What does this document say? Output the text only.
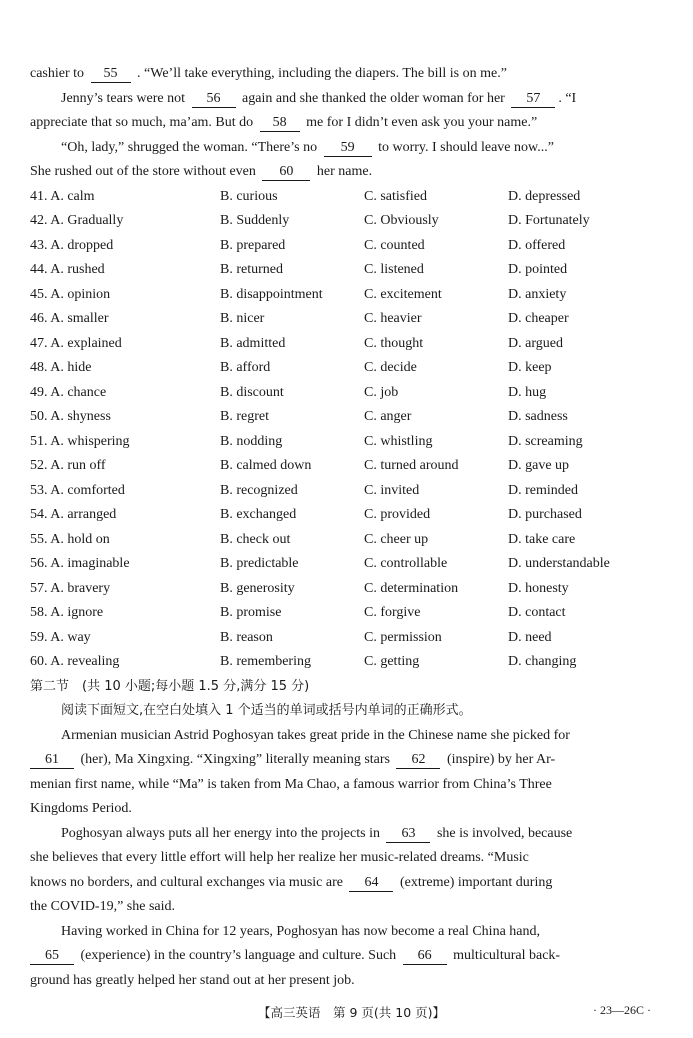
cashier to 55 . “We’ll take everything, including the diapers. The bill is on me.”
Jenny’s tears were not 56 again and she thanked the older woman for her 57 . “I
appreciate that so much, ma’am. But do 58 me for I didn’t even ask you your name.”
“Oh, lady,” shrugged the woman. “There’s no 59 to worry. I should leave now...”
She rushed out of the store without even 60 her name.
41. A. calm	B. curious	C. satisfied	D. depressed
42. A. Gradually	B. Suddenly	C. Obviously	D. Fortunately
43. A. dropped	B. prepared	C. counted	D. offered
44. A. rushed	B. returned	C. listened	D. pointed
45. A. opinion	B. disappointment	C. excitement	D. anxiety
46. A. smaller	B. nicer	C. heavier	D. cheaper
47. A. explained	B. admitted	C. thought	D. argued
48. A. hide	B. afford	C. decide	D. keep
49. A. chance	B. discount	C. job	D. hug
50. A. shyness	B. regret	C. anger	D. sadness
51. A. whispering	B. nodding	C. whistling	D. screaming
52. A. run off	B. calmed down	C. turned around	D. gave up
53. A. comforted	B. recognized	C. invited	D. reminded
54. A. arranged	B. exchanged	C. provided	D. purchased
55. A. hold on	B. check out	C. cheer up	D. take care
56. A. imaginable	B. predictable	C. controllable	D. understandable
57. A. bravery	B. generosity	C. determination	D. honesty
58. A. ignore	B. promise	C. forgive	D. contact
59. A. way	B. reason	C. permission	D. need
60. A. revealing	B. remembering	C. getting	D. changing
第二节　(共 10 小题;每小题 1.5 分,满分 15 分)
阅读下面短文,在空白处填入 1 个适当的单词或括号内单词的正确形式。
Armenian musician Astrid Poghosyan takes great pride in the Chinese name she picked for
61 (her), Ma Xingxing. “Xingxing” literally meaning stars 62 (inspire) by her Ar-
menian first name, while “Ma” is taken from Ma Chao, a famous warrior from China’s Three
Kingdoms Period.
Poghosyan always puts all her energy into the projects in 63 she is involved, because
she believes that every little effort will help her realize her music-related dreams. “Music
knows no borders, and cultural exchanges via music are 64 (extreme) important during
the COVID-19,” she said.
Having worked in China for 12 years, Poghosyan has now become a real China hand,
65 (experience) in the country’s language and culture. Such 66 multicultural back-
ground has greatly helped her stand out at her present job.
【高三英语　第 9 页(共 10 页)】	· 23—26C ·
